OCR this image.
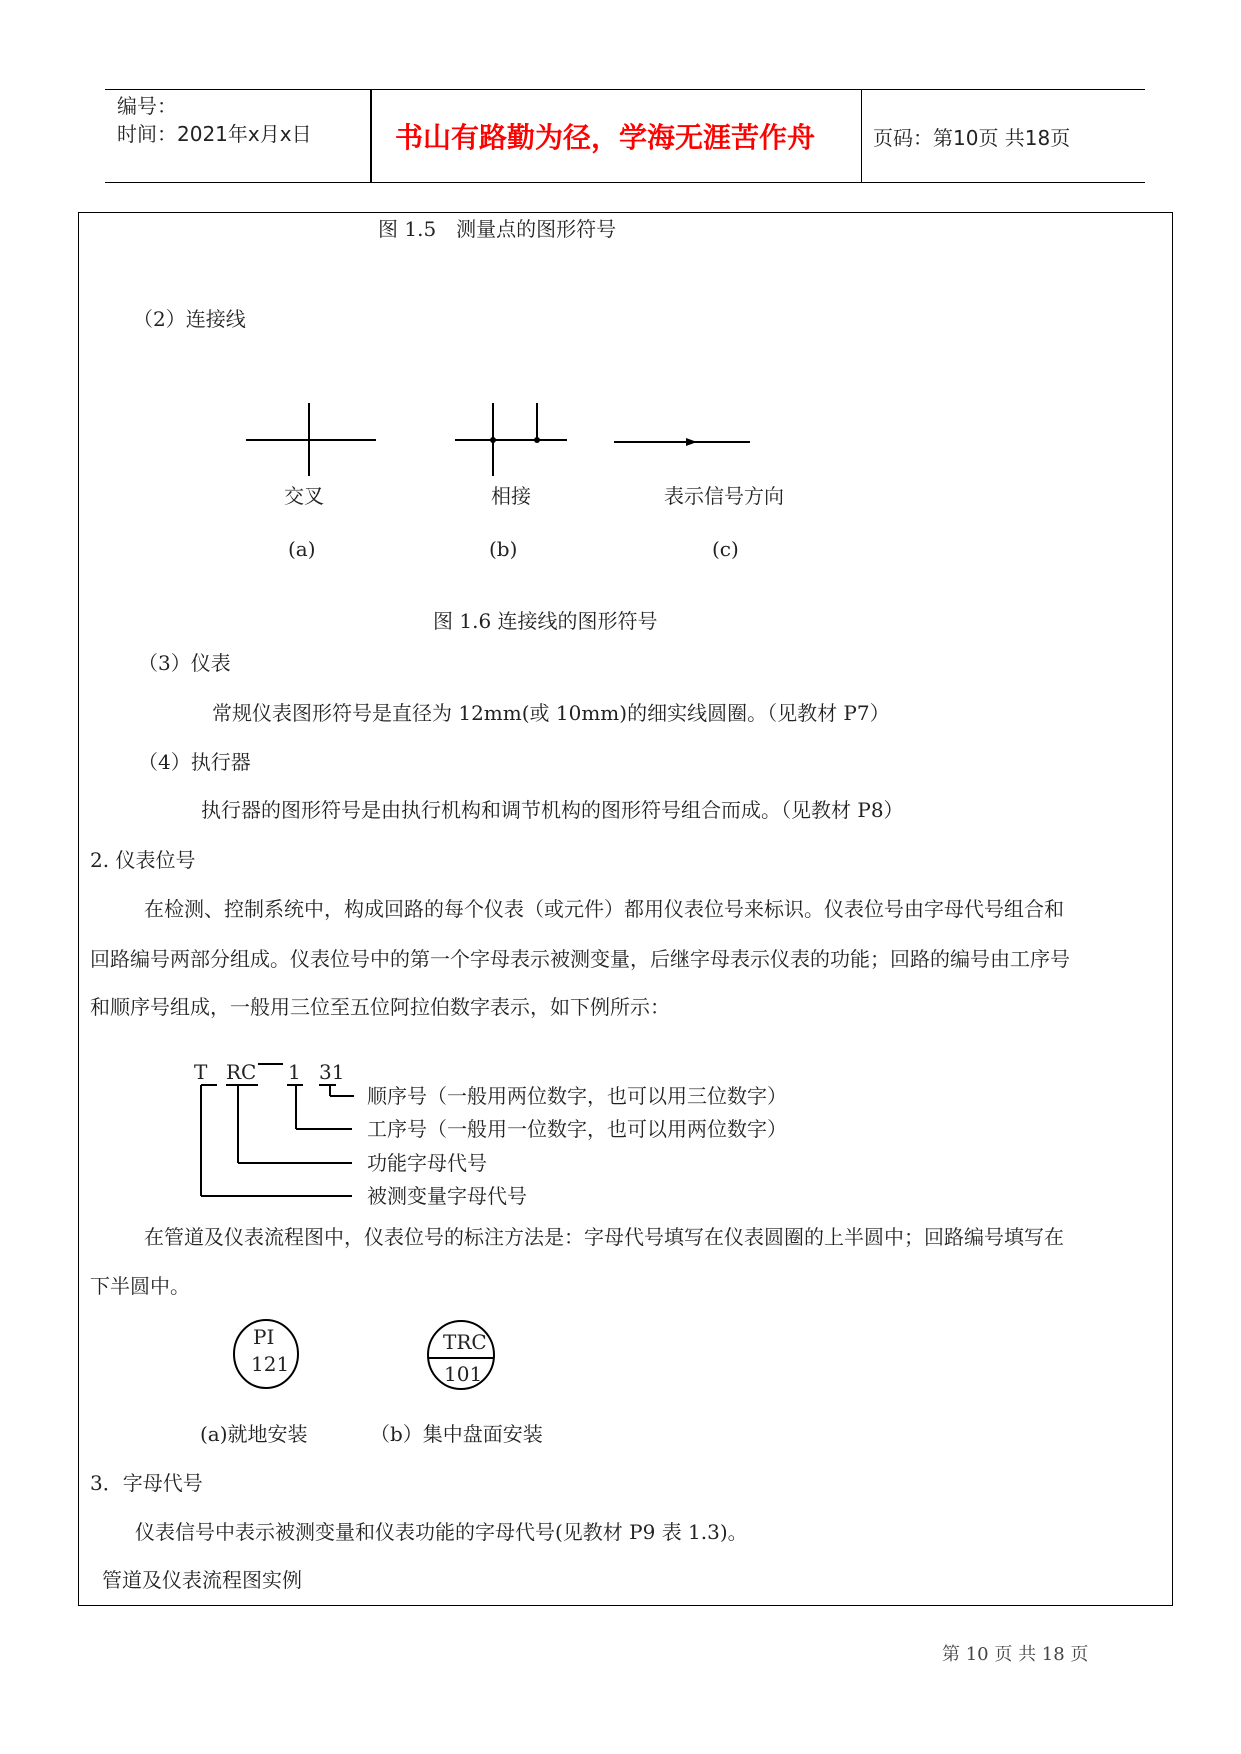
编号：
时间：2021年x月x日	书山有路勤为径，学海无涯苦作舟	页码：第10页 共18页
图 1.5　测量点的图形符号
（2）连接线
交叉	相接	表示信号方向
(a)	(b)	(c)
图 1.6 连接线的图形符号
（3）仪表
常规仪表图形符号是直径为 12mm(或 10mm)的细实线圆圈。（见教材 P7）
（4）执行器
执行器的图形符号是由执行机构和调节机构的图形符号组合而成。（见教材 P8）
2. 仪表位号
在检测、控制系统中，构成回路的每个仪表（或元件）都用仪表位号来标识。仪表位号由字母代号组合和
回路编号两部分组成。仪表位号中的第一个字母表示被测变量，后继字母表示仪表的功能；回路的编号由工序号
和顺序号组成，一般用三位至五位阿拉伯数字表示，如下例所示：
T RC 1 31
顺序号（一般用两位数字，也可以用三位数字）
工序号（一般用一位数字，也可以用两位数字）
功能字母代号
被测变量字母代号
在管道及仪表流程图中，仪表位号的标注方法是：字母代号填写在仪表圆圈的上半圆中；回路编号填写在
下半圆中。
PI
121
TRC
101
(a)就地安装	（b）集中盘面安装
3．字母代号
仪表信号中表示被测变量和仪表功能的字母代号(见教材 P9 表 1.3)。
管道及仪表流程图实例
第 10 页 共 18 页
